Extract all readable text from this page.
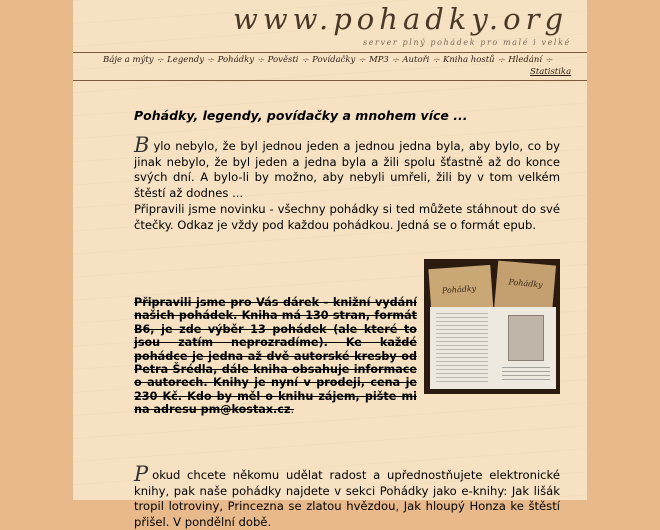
www.pohadky.org
server plný pohádek pro malé i velké
Báje a mýty -:- Legendy -:- Pohádky -:- Pověsti -:- Povídačky -:- MP3 -:- Autoři -:- Kniha hostů -:- Hledání -:-
Statistika
Pohádky, legendy, povídačky a mnohem více ...

Bylo nebylo, že byl jednou jeden a jednou jedna byla, aby bylo, co by jinak nebylo, že byl jeden a jedna byla a žili spolu šťastně až do konce svých dní. A bylo-li by možno, aby nebyli umřeli, žili by v tom velkém štěstí až dodnes ...

Připravili jsme novinku - všechny pohádky si ted můžete stáhnout do své čtečky. Odkaz je vždy pod každou pohádkou. Jedná se o formát epub.

Připravili jsme pro Vás dárek - knižní vydání našich pohádek. Kniha má 130 stran, formát B6, je zde výběr 13 pohádek (ale které to jsou zatím neprozradíme). Ke každé pohádce je jedna až dvě autorské kresby od Petra Šrédla, dále kniha obsahuje informace o autorech. Knihy je nyní v prodeji, cena je 230 Kč. Kdo by měl o knihu zájem, pište mi na adresu pm@kostax.cz.

Pohádky
Pohádky

Pokud chcete někomu udělat radost a upřednostňujete elektronické knihy, pak naše pohádky najdete v sekci Pohádky jako e-knihy: Jak lišák tropil lotroviny, Princezna se zlatou hvězdou, Jak hloupý Honza ke štěstí přišel. V pondělní době.
